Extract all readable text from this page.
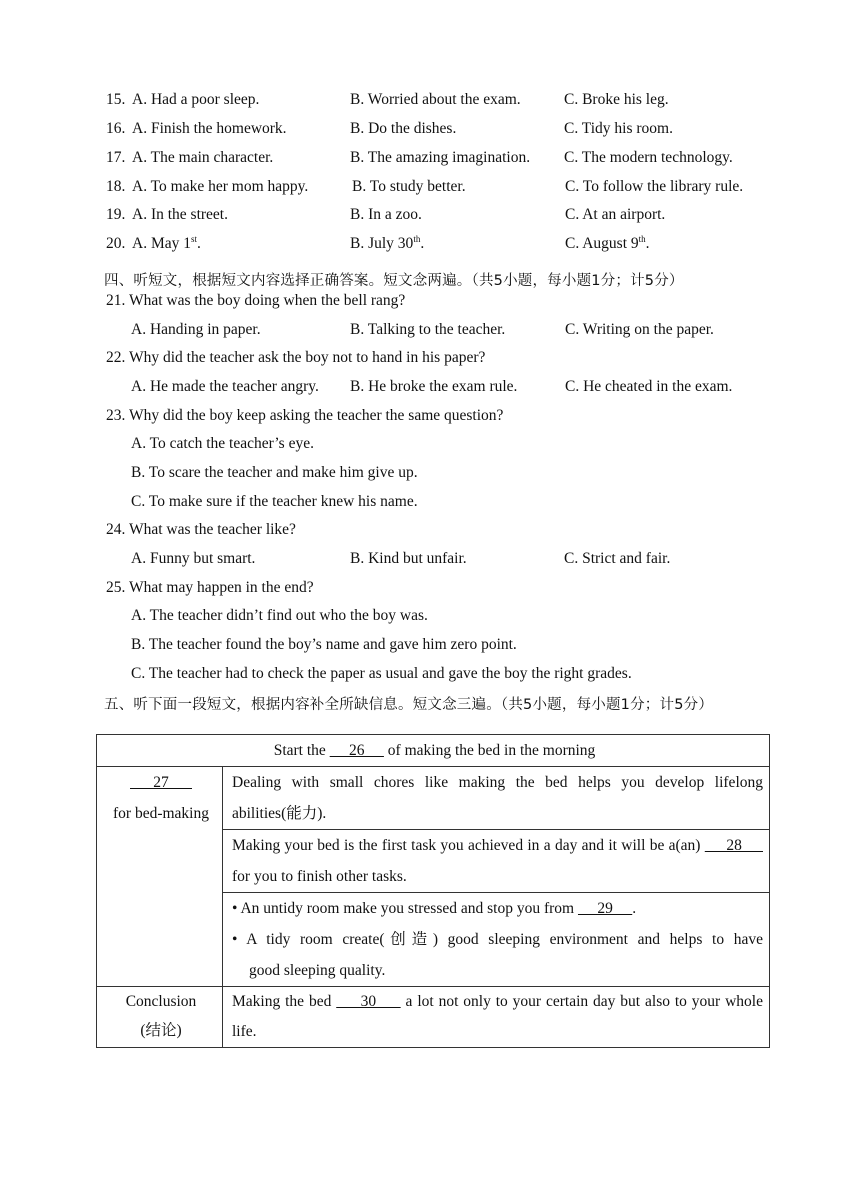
15. A. Had a poor sleep.	B. Worried about the exam.	C. Broke his leg.
16. A. Finish the homework.	B. Do the dishes.	C. Tidy his room.
17. A. The main character.	B. The amazing imagination. C. The modern technology.
18. A. To make her mom happy.	B. To study better.	C. To follow the library rule.
19. A. In the street.	B. In a zoo.	C. At an airport.
20. A. May 1st.	B. July 30th.	C. August 9th.
四、听短文，根据短文内容选择正确答案。短文念两遍。（共5小题，每小题1分；计5分）
21. What was the boy doing when the bell rang?
A. Handing in paper.	B. Talking to the teacher.	C. Writing on the paper.
22. Why did the teacher ask the boy not to hand in his paper?
A. He made the teacher angry. B. He broke the exam rule.	C. He cheated in the exam.
23. Why did the boy keep asking the teacher the same question?
A. To catch the teacher’s eye.
B. To scare the teacher and make him give up.
C. To make sure if the teacher knew his name.
24. What was the teacher like?
A. Funny but smart.	B. Kind but unfair.	C. Strict and fair.
25. What may happen in the end?
A. The teacher didn’t find out who the boy was.
B. The teacher found the boy’s name and gave him zero point.
C. The teacher had to check the paper as usual and gave the boy the right grades.
五、听下面一段短文，根据内容补全所缺信息。短文念三遍。（共5小题，每小题1分；计5分）
Start the      26      of making the bed in the morning	

27
for bed-making	Dealing with small chores like making the bed helps you develop lifelong abilities(能力).
	Making your bed is the first task you achieved in a day and it will be a(an)      28      for you to finish other tasks.

	• An untidy room make you stressed and stop you from      29     .
• A tidy room create(创造) good sleeping environment and helps to have
good sleeping quality.

Conclusion
(结论)	Making the bed      30      a lot not only to your certain day but also to your whole life.
